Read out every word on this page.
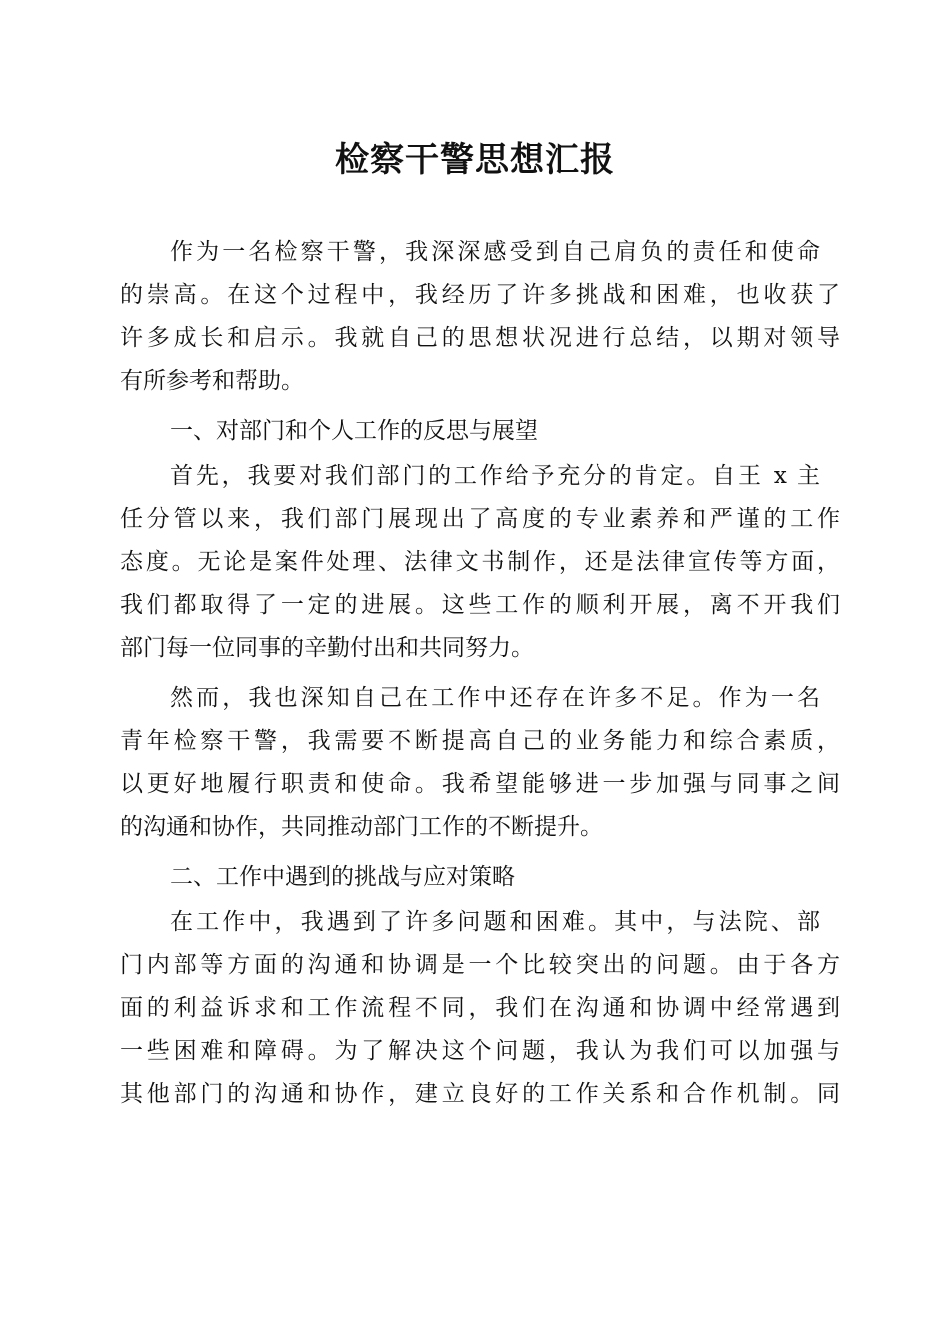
检察干警思想汇报
作为一名检察干警，我深深感受到自己肩负的责任和使命
的崇高。在这个过程中，我经历了许多挑战和困难，也收获了
许多成长和启示。我就自己的思想状况进行总结，以期对领导
有所参考和帮助。
一、对部门和个人工作的反思与展望
首先，我要对我们部门的工作给予充分的肯定。自王 x 主
任分管以来，我们部门展现出了高度的专业素养和严谨的工作
态度。无论是案件处理、法律文书制作，还是法律宣传等方面，
我们都取得了一定的进展。这些工作的顺利开展，离不开我们
部门每一位同事的辛勤付出和共同努力。
然而，我也深知自己在工作中还存在许多不足。作为一名
青年检察干警，我需要不断提高自己的业务能力和综合素质，
以更好地履行职责和使命。我希望能够进一步加强与同事之间
的沟通和协作，共同推动部门工作的不断提升。
二、工作中遇到的挑战与应对策略
在工作中，我遇到了许多问题和困难。其中，与法院、部
门内部等方面的沟通和协调是一个比较突出的问题。由于各方
面的利益诉求和工作流程不同，我们在沟通和协调中经常遇到
一些困难和障碍。为了解决这个问题，我认为我们可以加强与
其他部门的沟通和协作，建立良好的工作关系和合作机制。同
